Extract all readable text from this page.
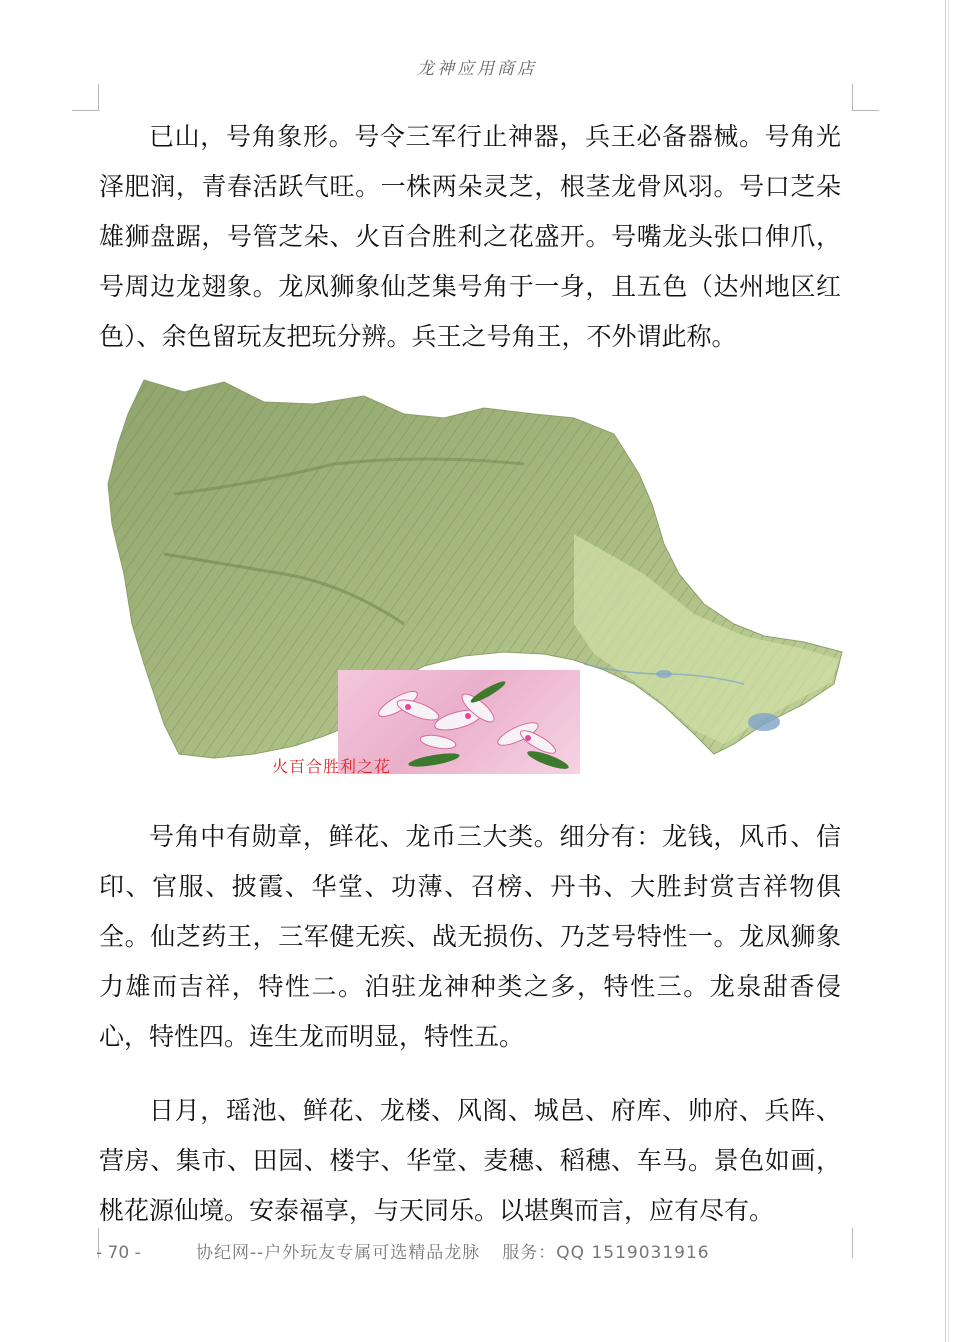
龙神应用商店

已山，号角象形。号令三军行止神器，兵王必备器械。号角光泽肥润，青春活跃气旺。一株两朵灵芝，根茎龙骨风羽。号口芝朵雄狮盘踞，号管芝朵、火百合胜利之花盛开。号嘴龙头张口伸爪，号周边龙翅象。龙凤狮象仙芝集号角于一身，且五色（达州地区红色）、余色留玩友把玩分辨。兵王之号角王，不外谓此称。

火百合胜利之花

号角中有勋章，鲜花、龙币三大类。细分有：龙钱，风币、信印、官服、披霞、华堂、功薄、召榜、丹书、大胜封赏吉祥物俱全。仙芝药王，三军健无疾、战无损伤、乃芝号特性一。龙凤狮象力雄而吉祥，特性二。泊驻龙神种类之多，特性三。龙泉甜香侵心，特性四。连生龙而明显，特性五。

日月，瑶池、鲜花、龙楼、风阁、城邑、府库、帅府、兵阵、营房、集市、田园、楼宇、华堂、麦穗、稻穗、车马。景色如画，桃花源仙境。安泰福享，与天同乐。以堪舆而言，应有尽有。

- 70 -	协纪网--户外玩友专属可选精品龙脉 服务：QQ 1519031916
